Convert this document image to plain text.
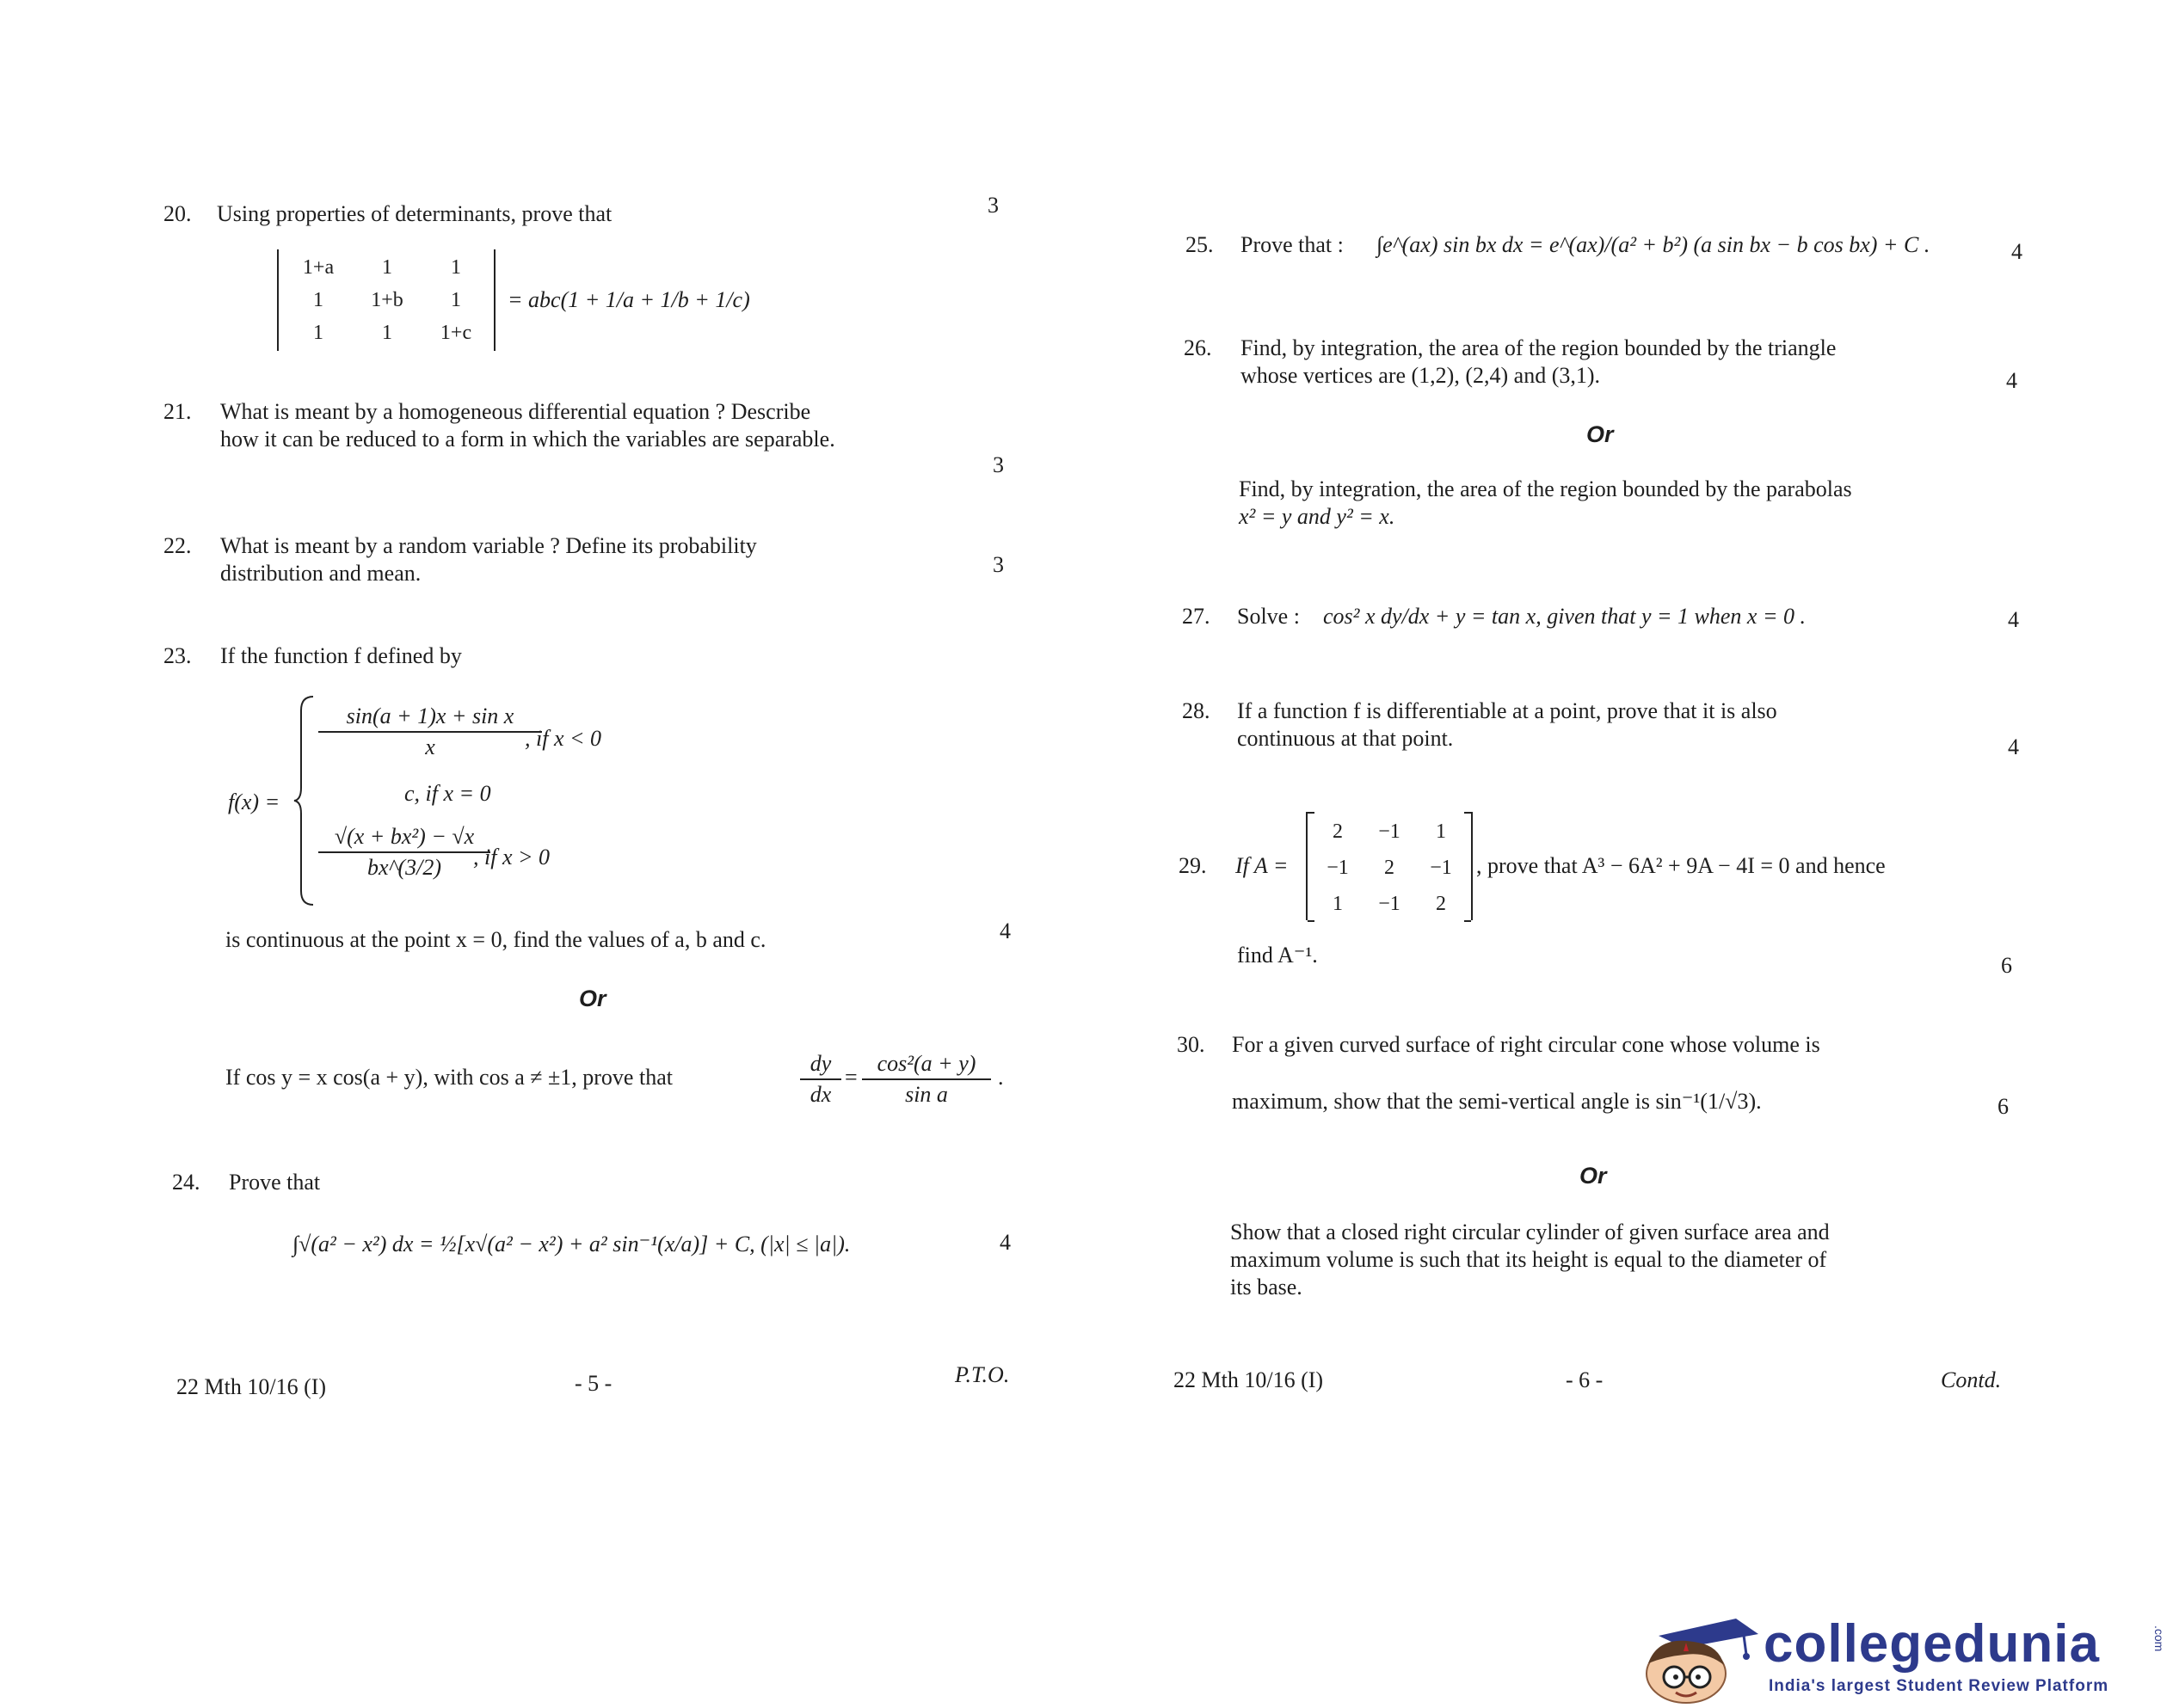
20. Using properties of determinants, prove that	3
1+a	1	1
1	1+b	1
1	1	1+c
= abc(1 + 1/a + 1/b + 1/c)
21. What is meant by a homogeneous differential equation ? Describe
how it can be reduced to a form in which the variables are separable.
3
22. What is meant by a random variable ? Define its probability
distribution and mean.	3
23. If the function f defined by
f(x) =
$\frac{\text{sin(a + 1)x + sin x}}{x}$
, if x < 0
c, if x = 0
$\frac{\text{√(x + bx²) − √x}}{bx\^{}(3/2)}$
, if x > 0
is continuous at the point x = 0, find the values of a, b and c.	4
Or
If cos y = x cos(a + y), with cos a ≠ ±1, prove that	$\frac{dy}{dx} = \frac{\text{cos²(a + y)}}{\text{sin a}}$ .
24. Prove that
∫√(a² − x²) dx = ½[x√(a² − x²) + a² sin⁻¹(x/a)] + C, (|x| ≤ |a|).	4
22 Mth 10/16 (I)	- 5 -	P.T.O.
25. Prove that : ∫e^(ax) sin bx dx = e^(ax)/(a² + b²) (a sin bx − b cos bx) + C .	4
26. Find, by integration, the area of the region bounded by the triangle
whose vertices are (1,2), (2,4) and (3,1).	4
Or
Find, by integration, the area of the region bounded by the parabolas
x² = y and y² = x.
27. Solve : cos² x dy/dx + y = tan x, given that y = 1 when x = 0 .	4
28. If a function f is differentiable at a point, prove that it is also
continuous at that point.	4
29. If A =
2	−1	1
−1	2	−1
1	−1	2
, prove that A³ − 6A² + 9A − 4I = 0 and hence
find A⁻¹.	6
30. For a given curved surface of right circular cone whose volume is
maximum, show that the semi-vertical angle is sin⁻¹(1/√3).	6
Or
Show that a closed right circular cylinder of given surface area and
maximum volume is such that its height is equal to the diameter of
its base.
22 Mth 10/16 (I)	- 6 -	Contd.
collegedunia	.com
India's largest Student Review Platform
